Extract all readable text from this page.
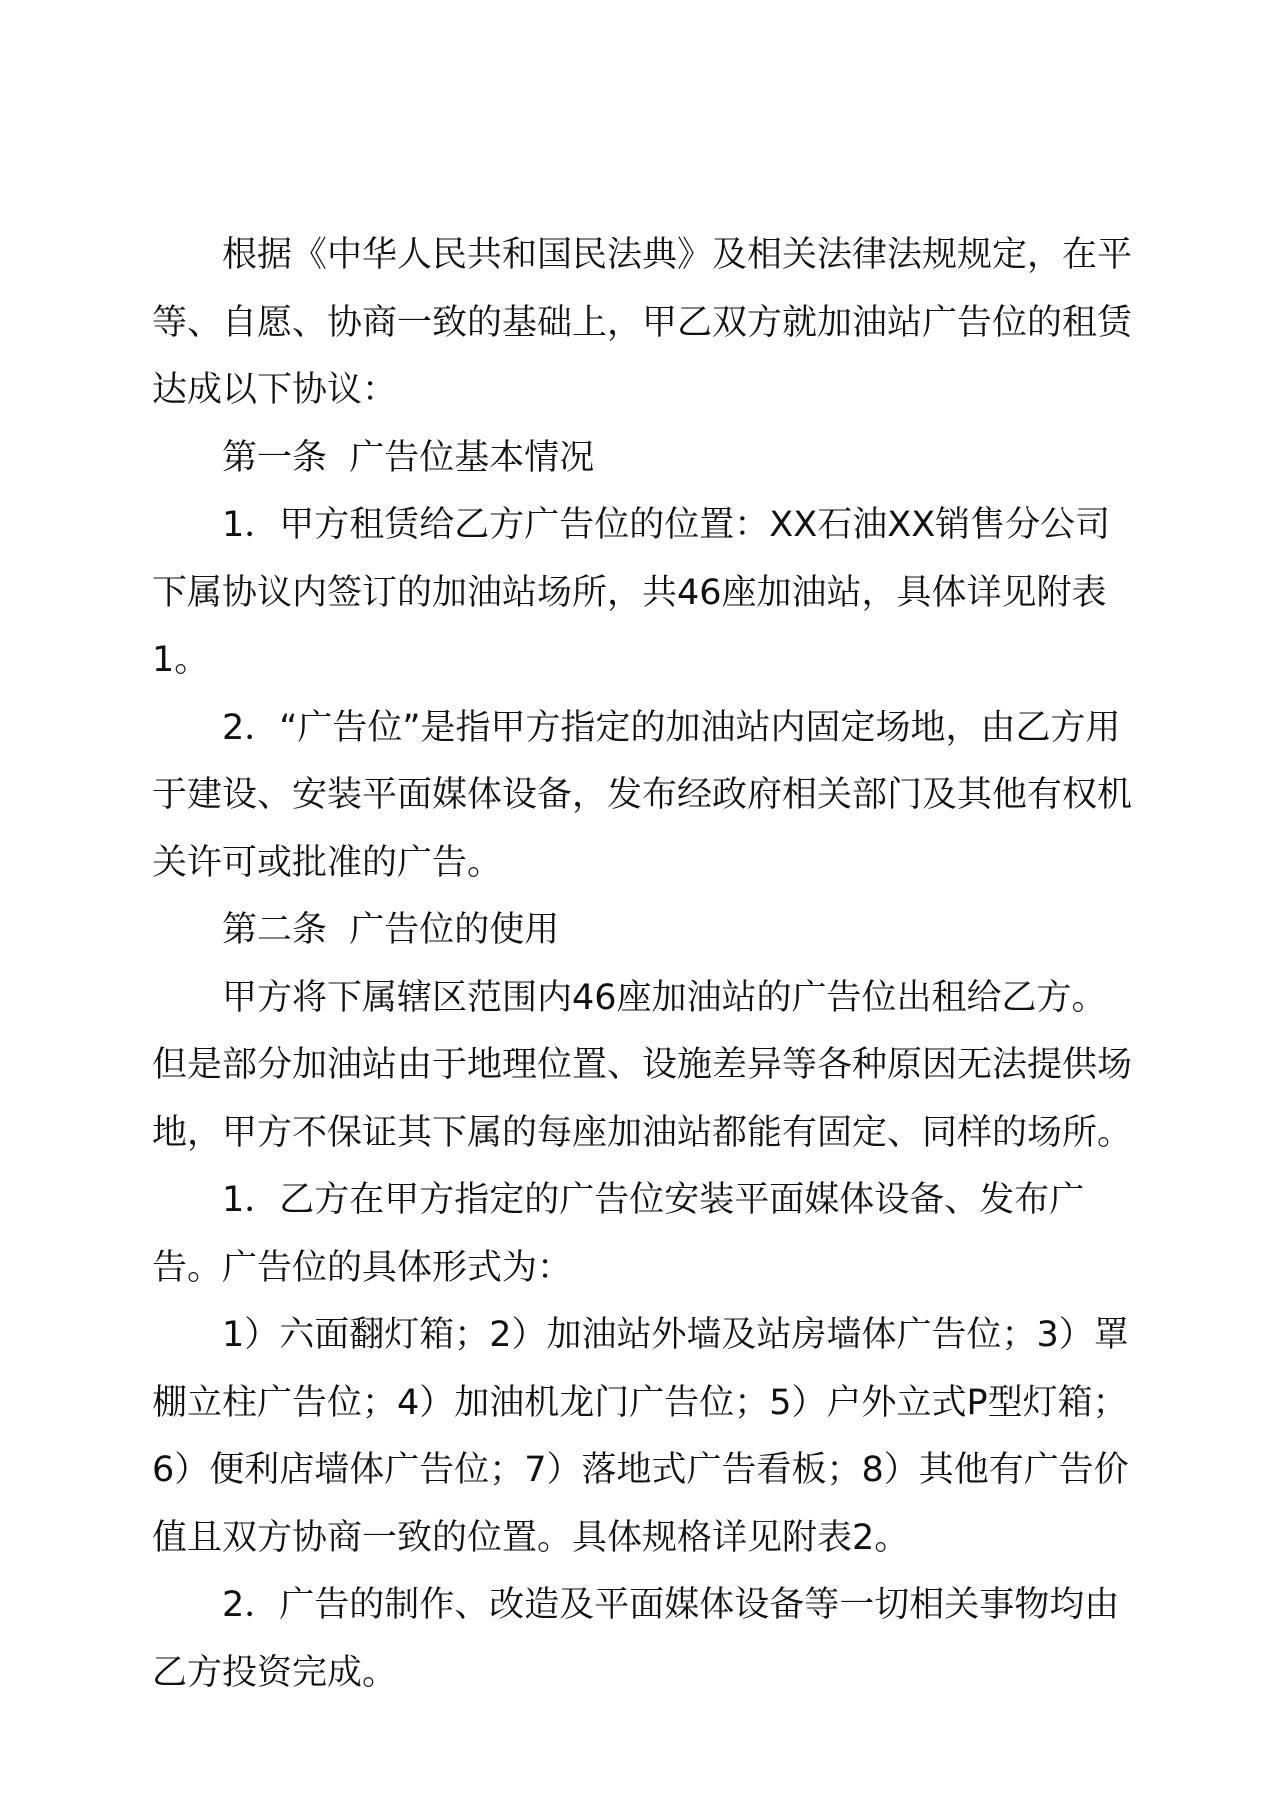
　　根据《中华人民共和国民法典》及相关法律法规规定，在平等、自愿、协商一致的基础上，甲乙双方就加油站广告位的租赁达成以下协议：

　　第一条  广告位基本情况

　　1．甲方租赁给乙方广告位的位置：XX石油XX销售分公司下属协议内签订的加油站场所，共46座加油站，具体详见附表1。

　　2．“广告位”是指甲方指定的加油站内固定场地，由乙方用于建设、安装平面媒体设备，发布经政府相关部门及其他有权机关许可或批准的广告。

　　第二条  广告位的使用

　　甲方将下属辖区范围内46座加油站的广告位出租给乙方。但是部分加油站由于地理位置、设施差异等各种原因无法提供场地，甲方不保证其下属的每座加油站都能有固定、同样的场所。

　　1．乙方在甲方指定的广告位安装平面媒体设备、发布广告。广告位的具体形式为：

　　1）六面翻灯箱；2）加油站外墙及站房墙体广告位；3）罩棚立柱广告位；4）加油机龙门广告位；5）户外立式P型灯箱；6）便利店墙体广告位；7）落地式广告看板；8）其他有广告价值且双方协商一致的位置。具体规格详见附表2。

　　2．广告的制作、改造及平面媒体设备等一切相关事物均由乙方投资完成。
